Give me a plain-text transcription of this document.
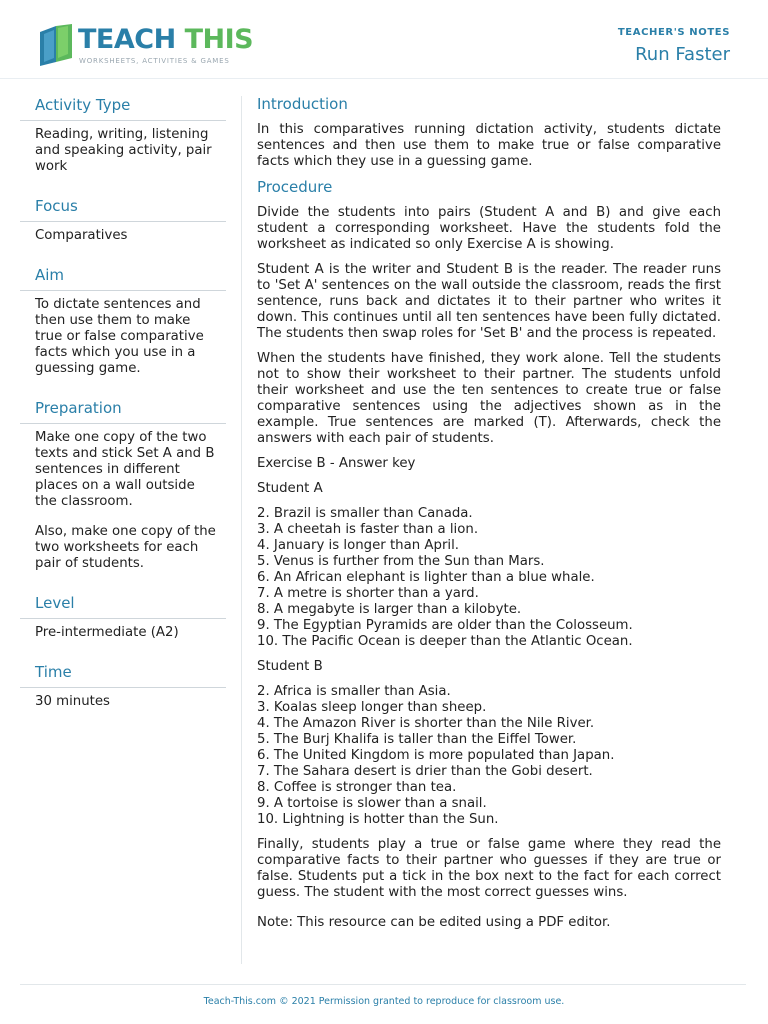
TEACH THIS
WORKSHEETS, ACTIVITIES & GAMES
TEACHER'S NOTES
Run Faster
Activity Type

Reading, writing, listening and speaking activity, pair work

Focus

Comparatives

Aim

To dictate sentences and then use them to make true or false comparative facts which you use in a guessing game.

Preparation

Make one copy of the two texts and stick Set A and B sentences in different places on a wall outside the classroom.

Also, make one copy of the two worksheets for each pair of students.

Level

Pre-intermediate (A2)

Time

30 minutes

Introduction

In this comparatives running dictation activity, students dictate sentences and then use them to make true or false comparative facts which they use in a guessing game.

Procedure

Divide the students into pairs (Student A and B) and give each student a corresponding worksheet. Have the students fold the worksheet as indicated so only Exercise A is showing.

Student A is the writer and Student B is the reader. The reader runs to 'Set A' sentences on the wall outside the classroom, reads the first sentence, runs back and dictates it to their partner who writes it down. This continues until all ten sentences have been fully dictated. The students then swap roles for 'Set B' and the process is repeated.

When the students have finished, they work alone. Tell the students not to show their worksheet to their partner. The students unfold their worksheet and use the ten sentences to create true or false comparative sentences using the adjectives shown as in the example. True sentences are marked (T). Afterwards, check the answers with each pair of students.

Exercise B - Answer key

Student A

2. Brazil is smaller than Canada.
3. A cheetah is faster than a lion.
4. January is longer than April.
5. Venus is further from the Sun than Mars.
6. An African elephant is lighter than a blue whale.
7. A metre is shorter than a yard.
8. A megabyte is larger than a kilobyte.
9. The Egyptian Pyramids are older than the Colosseum.
10. The Pacific Ocean is deeper than the Atlantic Ocean.

Student B

2. Africa is smaller than Asia.
3. Koalas sleep longer than sheep.
4. The Amazon River is shorter than the Nile River.
5. The Burj Khalifa is taller than the Eiffel Tower.
6. The United Kingdom is more populated than Japan.
7. The Sahara desert is drier than the Gobi desert.
8. Coffee is stronger than tea.
9. A tortoise is slower than a snail.
10. Lightning is hotter than the Sun.

Finally, students play a true or false game where they read the comparative facts to their partner who guesses if they are true or false. Students put a tick in the box next to the fact for each correct guess. The student with the most correct guesses wins.

Note: This resource can be edited using a PDF editor.

Teach-This.com © 2021 Permission granted to reproduce for classroom use.
